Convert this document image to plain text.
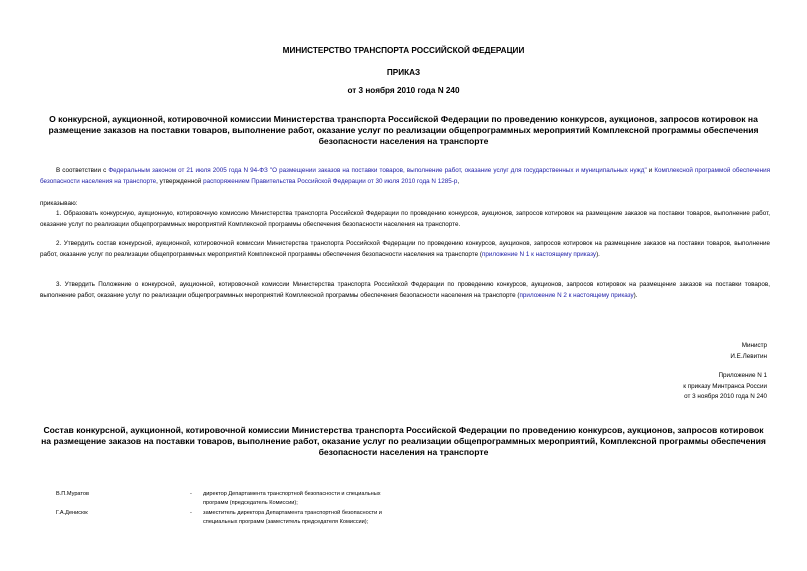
МИНИСТЕРСТВО ТРАНСПОРТА РОССИЙСКОЙ ФЕДЕРАЦИИ
ПРИКАЗ
от 3 ноября 2010 года N 240
О конкурсной, аукционной, котировочной комиссии Министерства транспорта Российской Федерации по проведению конкурсов, аукционов, запросов котировок на размещение заказов на поставки товаров, выполнение работ, оказание услуг по реализации общепрограммных мероприятий Комплексной программы обеспечения безопасности населения на транспорте
В соответствии с Федеральным законом от 21 июля 2005 года N 94-ФЗ "О размещении заказов на поставки товаров, выполнение работ, оказание услуг для государственных и муниципальных нужд" и Комплексной программой обеспечения безопасности населения на транспорте, утвержденной распоряжением Правительства Российской Федерации от 30 июля 2010 года N 1285-р,
приказываю:
1. Образовать конкурсную, аукционную, котировочную комиссию Министерства транспорта Российской Федерации по проведению конкурсов, аукционов, запросов котировок на размещение заказов на поставки товаров, выполнение работ, оказание услуг по реализации общепрограммных мероприятий Комплексной программы обеспечения безопасности населения на транспорте.
2. Утвердить состав конкурсной, аукционной, котировочной комиссии Министерства транспорта Российской Федерации по проведению конкурсов, аукционов, запросов котировок на размещение заказов на поставки товаров, выполнение работ, оказание услуг по реализации общепрограммных мероприятий Комплексной программы обеспечения безопасности населения на транспорте (приложение N 1 к настоящему приказу).
3. Утвердить Положение о конкурсной, аукционной, котировочной комиссии Министерства транспорта Российской Федерации по проведению конкурсов, аукционов, запросов котировок на размещение заказов на поставки товаров, выполнение работ, оказание услуг по реализации общепрограммных мероприятий Комплексной программы обеспечения безопасности населения на транспорте (приложение N 2 к настоящему приказу).
Министр
И.Е.Левитин
Приложение N 1
к приказу Минтранса России
от 3 ноября 2010 года N 240
Состав конкурсной, аукционной, котировочной комиссии Министерства транспорта Российской Федерации по проведению конкурсов, аукционов, запросов котировок на размещение заказов на поставки товаров, выполнение работ, оказание услуг по реализации общепрограммных мероприятий, Комплексной программы обеспечения безопасности населения на транспорте
В.П.Муратов	- директор Департамента транспортной безопасности и специальных программ (председатель Комиссии);
Г.А.Денисюк	- заместитель директора Департамента транспортной безопасности и специальных программ (заместитель председателя Комиссии);
